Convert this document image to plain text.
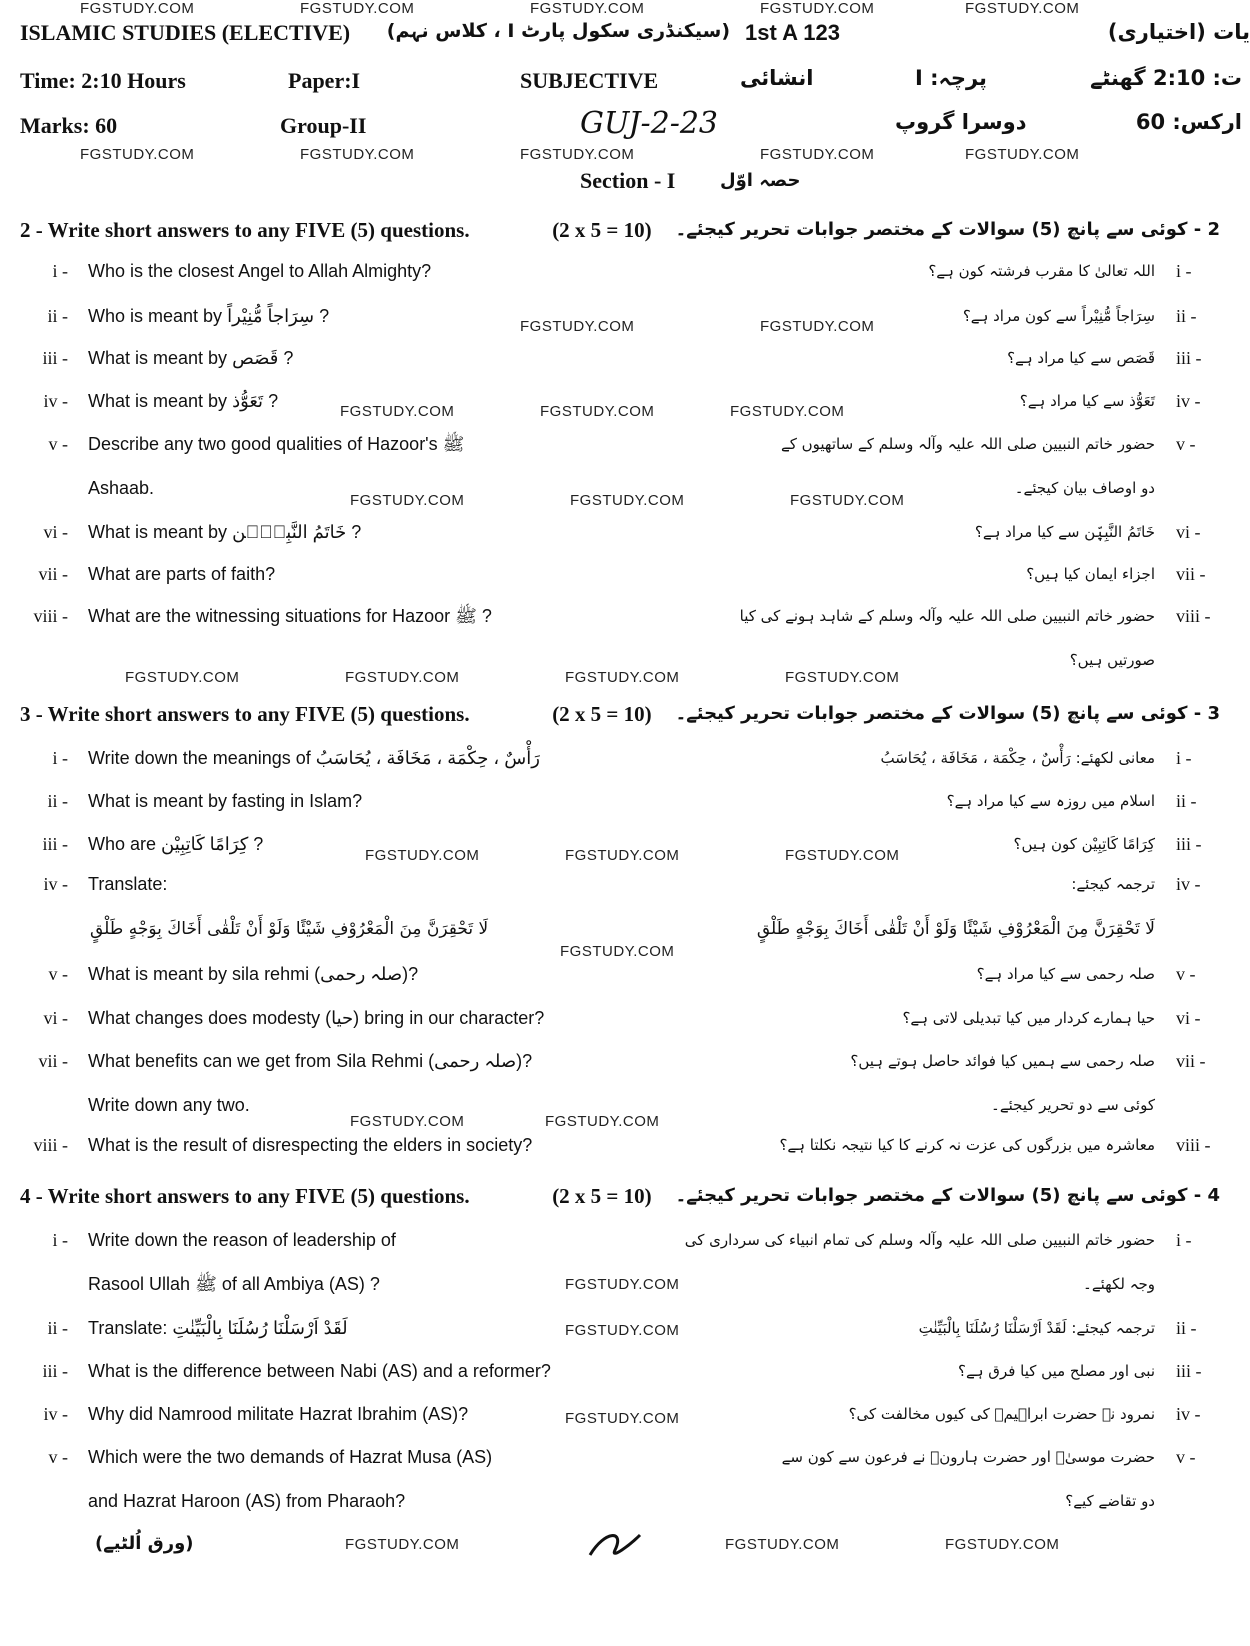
ISLAMIC STUDIES (ELECTIVE) (سیکنڈری سکول پارٹ I ، کلاس نہم) 1st A 123	یات (اختیاری)
Time: 2:10 Hours	Paper:I	SUBJECTIVE	انشائی	پرچہ: I	ت: 2:10 گھنٹے
Marks: 60	Group-II	GUJ-2-23	دوسرا گروپ	ارکس: 60
Section - I حصہ اوّل
2 - Write short answers to any FIVE (5) questions.	(2 x 5 = 10) 2 - کوئی سے پانچ (5) سوالات کے مختصر جوابات تحریر کیجئے۔
i - Who is the closest Angel to Allah Almighty?	اللہ تعالیٰ کا مقرب فرشتہ کون ہے؟ i -
ii - Who is meant by سِرَاجاً مُّنِیْراً ?	سِرَاجاً مُّنِیْراً سے کون مراد ہے؟ ii -
iii - What is meant by قَصَص ?	قَصَص سے کیا مراد ہے؟ iii -
iv - What is meant by تَعَوُّذ ?	تَعَوُّذ سے کیا مراد ہے؟ iv -
v - Describe any two good qualities of Hazoor's ﷺ	حضور خاتم النبیین صلی اللہ علیہ وآلہ وسلم کے ساتھیوں کے v -
Ashaab.	دو اوصاف بیان کیجئے۔
vi - What is meant by خَاتَمُ النَّبِیّٖن ?	خَاتَمُ النَّبِیّٖن سے کیا مراد ہے؟ vi -
vii - What are parts of faith?	اجزاء ایمان کیا ہیں؟ vii -
viii - What are the witnessing situations for Hazoor ﷺ ?	حضور خاتم النبیین صلی اللہ علیہ وآلہ وسلم کے شاہد ہونے کی کیا viii -
صورتیں ہیں؟
3 - Write short answers to any FIVE (5) questions.	(2 x 5 = 10) 3 - کوئی سے پانچ (5) سوالات کے مختصر جوابات تحریر کیجئے۔
i - Write down the meanings of رَأْسٌ ، حِکْمَة ، مَخَافَة ، یُحَاسَبُ	معانی لکھئے: رَأْسٌ ، حِکْمَة ، مَخَافَة ، یُحَاسَبُ i -
ii - What is meant by fasting in Islam?	اسلام میں روزہ سے کیا مراد ہے؟ ii -
iii - Who are کِرَامًا کَاتِبِیْن ?	کِرَامًا کَاتِبِیْن کون ہیں؟ iii -
iv - Translate:	ترجمہ کیجئے: iv -
لَا تَحْقِرَنَّ مِنَ الْمَعْرُوْفِ شَيْئًا وَلَوْ أَنْ تَلْقٰى أَخَاكَ بِوَجْهٍ طَلْقٍ	لَا تَحْقِرَنَّ مِنَ الْمَعْرُوْفِ شَيْئًا وَلَوْ أَنْ تَلْقٰى أَخَاكَ بِوَجْهٍ طَلْقٍ
v - What is meant by sila rehmi (صلہ رحمی)?	صلہ رحمی سے کیا مراد ہے؟ v -
vi - What changes does modesty (حیا) bring in our character?	حیا ہمارے کردار میں کیا تبدیلی لاتی ہے؟ vi -
vii - What benefits can we get from Sila Rehmi (صلہ رحمی)?	صلہ رحمی سے ہمیں کیا فوائد حاصل ہوتے ہیں؟ vii -
Write down any two.	کوئی سے دو تحریر کیجئے۔
viii - What is the result of disrespecting the elders in society?	معاشرہ میں بزرگوں کی عزت نہ کرنے کا کیا نتیجہ نکلتا ہے؟ viii -
4 - Write short answers to any FIVE (5) questions.	(2 x 5 = 10) 4 - کوئی سے پانچ (5) سوالات کے مختصر جوابات تحریر کیجئے۔
i - Write down the reason of leadership of	حضور خاتم النبیین صلی اللہ علیہ وآلہ وسلم کی تمام انبیاء کی سرداری کی i -
Rasool Ullah ﷺ of all Ambiya (AS) ?	وجہ لکھئے۔
ii - Translate: لَقَدْ اَرْسَلْنَا رُسُلَنَا بِالْبَیِّنٰتِ	ترجمہ کیجئے: لَقَدْ اَرْسَلْنَا رُسُلَنَا بِالْبَیِّنٰتِ ii -
iii - What is the difference between Nabi (AS) and a reformer?	نبی اور مصلح میں کیا فرق ہے؟ iii -
iv - Why did Namrood militate Hazrat Ibrahim (AS)?	نمرود نے حضرت ابراہیمؑ کی کیوں مخالفت کی؟ iv -
v - Which were the two demands of Hazrat Musa (AS)	حضرت موسیٰؑ اور حضرت ہارونؑ نے فرعون سے کون سے v -
and Hazrat Haroon (AS) from Pharaoh?	دو تقاضے کیے؟
FGSTUDY.COM	FGSTUDY.COM	FGSTUDY.COM	FGSTUDY.COM	FGSTUDY.COM
FGSTUDY.COM	FGSTUDY.COM	FGSTUDY.COM	FGSTUDY.COM	FGSTUDY.COM
FGSTUDY.COM	FGSTUDY.COM
FGSTUDY.COM	FGSTUDY.COM	FGSTUDY.COM
FGSTUDY.COM	FGSTUDY.COM	FGSTUDY.COM
FGSTUDY.COM	FGSTUDY.COM	FGSTUDY.COM	FGSTUDY.COM
FGSTUDY.COM	FGSTUDY.COM	FGSTUDY.COM
FGSTUDY.COM
FGSTUDY.COM	FGSTUDY.COM
FGSTUDY.COM
FGSTUDY.COM
FGSTUDY.COM
FGSTUDY.COM	FGSTUDY.COM	FGSTUDY.COM
(ورق اُلٹیے)
